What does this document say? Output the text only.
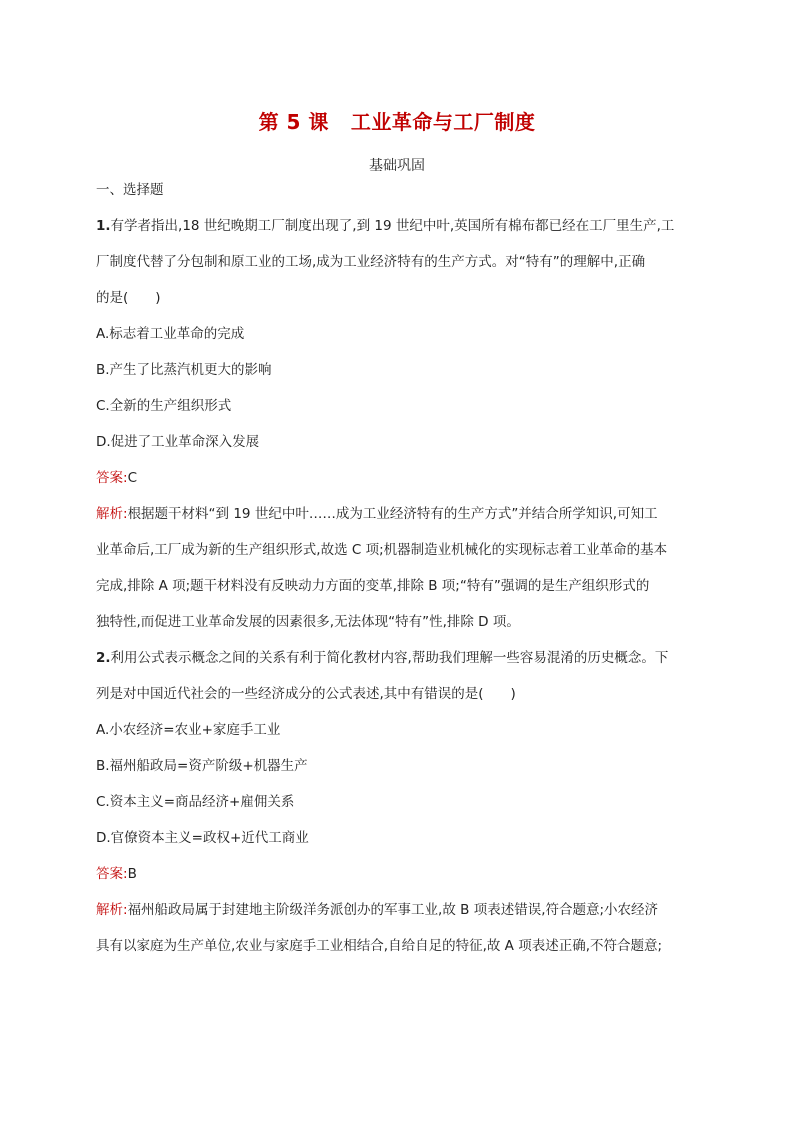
第 5 课 工业革命与工厂制度
基础巩固
一、选择题
1.有学者指出,18 世纪晚期工厂制度出现了,到 19 世纪中叶,英国所有棉布都已经在工厂里生产,工
厂制度代替了分包制和原工业的工场,成为工业经济特有的生产方式。对“特有”的理解中,正确
的是(　　)
A.标志着工业革命的完成
B.产生了比蒸汽机更大的影响
C.全新的生产组织形式
D.促进了工业革命深入发展
答案:C
解析:根据题干材料“到 19 世纪中叶……成为工业经济特有的生产方式”并结合所学知识,可知工
业革命后,工厂成为新的生产组织形式,故选 C 项;机器制造业机械化的实现标志着工业革命的基本
完成,排除 A 项;题干材料没有反映动力方面的变革,排除 B 项;“特有”强调的是生产组织形式的
独特性,而促进工业革命发展的因素很多,无法体现“特有”性,排除 D 项。
2.利用公式表示概念之间的关系有利于简化教材内容,帮助我们理解一些容易混淆的历史概念。下
列是对中国近代社会的一些经济成分的公式表述,其中有错误的是(　　)
A.小农经济=农业+家庭手工业
B.福州船政局=资产阶级+机器生产
C.资本主义=商品经济+雇佣关系
D.官僚资本主义=政权+近代工商业
答案:B
解析:福州船政局属于封建地主阶级洋务派创办的军事工业,故 B 项表述错误,符合题意;小农经济
具有以家庭为生产单位,农业与家庭手工业相结合,自给自足的特征,故 A 项表述正确,不符合题意;
